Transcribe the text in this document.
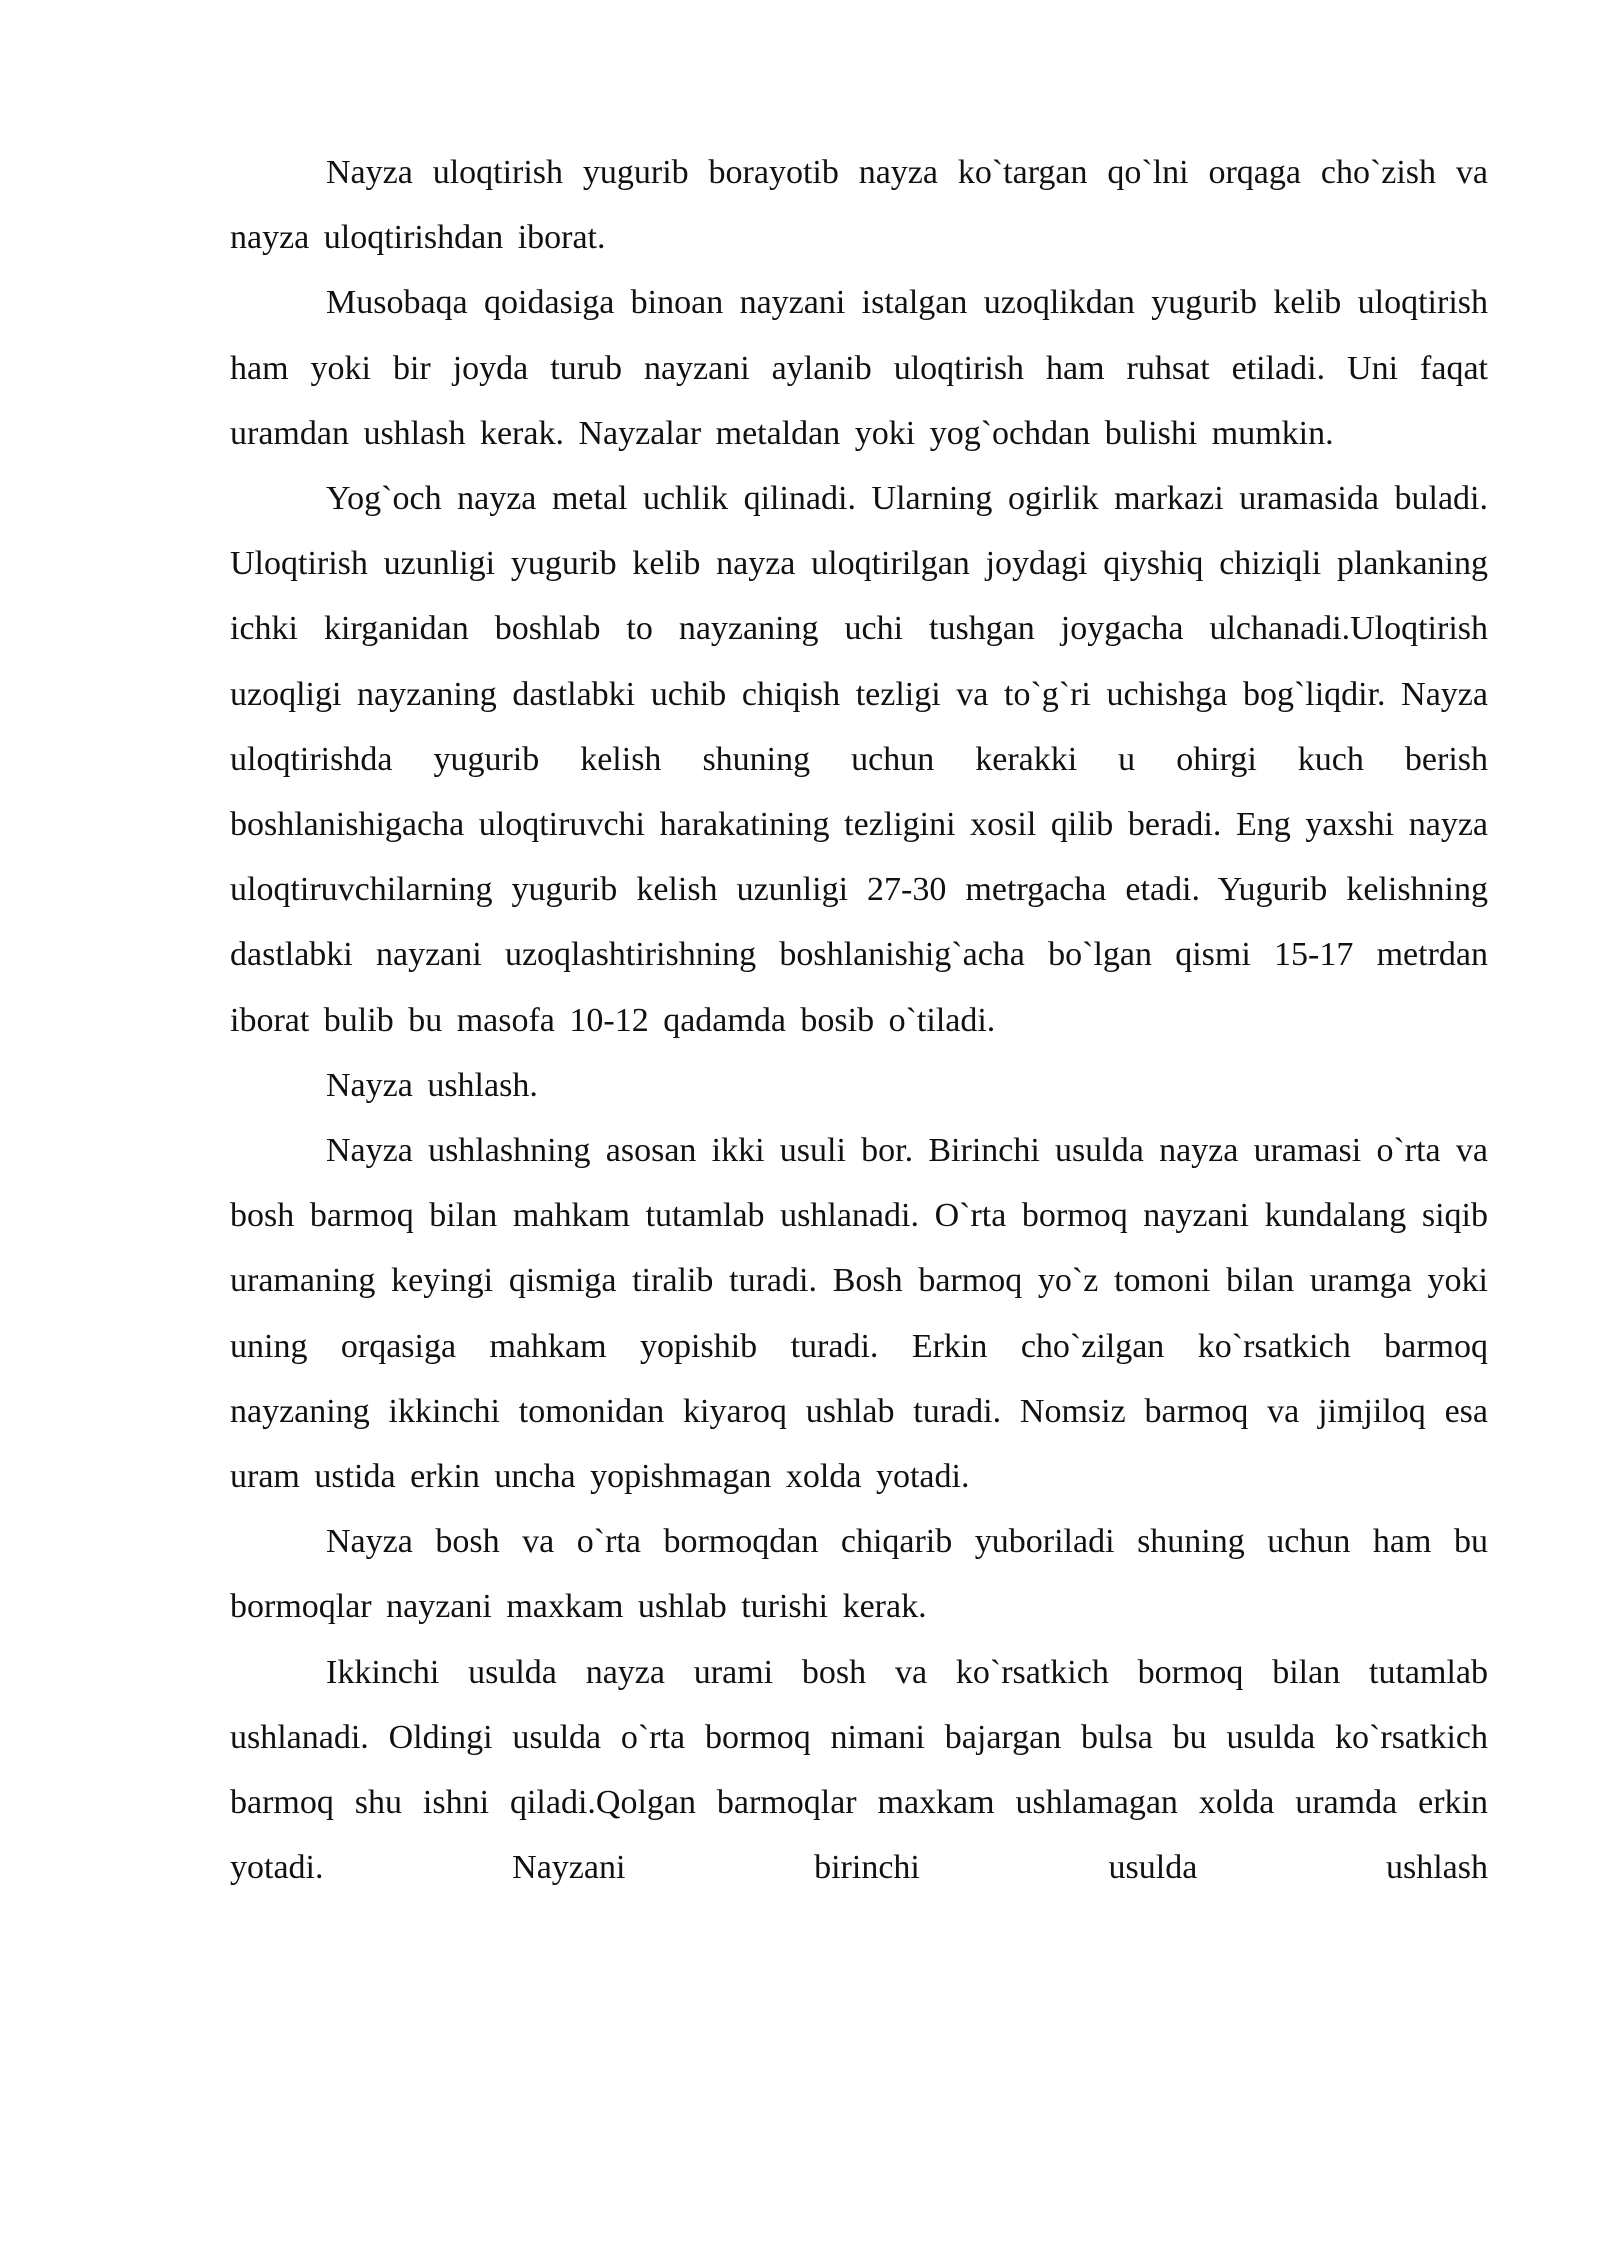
Nayza uloqtirish yugurib borayotib nayza ko`targan qo`lni orqaga cho`zish va nayza uloqtirishdan iborat.

Musobaqa qoidasiga binoan nayzani istalgan uzoqlikdan yugurib kelib uloqtirish ham yoki bir joyda turub nayzani aylanib uloqtirish ham ruhsat etiladi. Uni faqat uramdan ushlash kerak. Nayzalar metaldan yoki yog`ochdan bulishi mumkin.

Yog`och nayza metal uchlik qilinadi. Ularning ogirlik markazi uramasida buladi. Uloqtirish uzunligi yugurib kelib nayza uloqtirilgan joydagi qiyshiq chiziqli plankaning ichki kirganidan boshlab to nayzaning uchi tushgan joygacha ulchanadi.Uloqtirish uzoqligi nayzaning dastlabki uchib chiqish tezligi va to`g`ri uchishga bog`liqdir. Nayza uloqtirishda yugurib kelish shuning uchun kerakki u ohirgi kuch berish boshlanishigacha uloqtiruvchi harakatining tezligini xosil qilib beradi. Eng yaxshi nayza uloqtiruvchilarning yugurib kelish uzunligi 27-30 metrgacha etadi. Yugurib kelishning dastlabki nayzani uzoqlashtirishning boshlanishig`acha bo`lgan qismi 15-17 metrdan iborat bulib bu masofa 10-12 qadamda bosib o`tiladi.

Nayza ushlash.

Nayza ushlashning asosan ikki usuli bor. Birinchi usulda nayza uramasi o`rta va bosh barmoq bilan mahkam tutamlab ushlanadi. O`rta bormoq nayzani kundalang siqib uramaning keyingi qismiga tiralib turadi. Bosh barmoq yo`z tomoni bilan uramga yoki uning orqasiga mahkam yopishib turadi. Erkin cho`zilgan ko`rsatkich barmoq nayzaning ikkinchi tomonidan kiyaroq ushlab turadi. Nomsiz barmoq va jimjiloq esa uram ustida erkin uncha yopishmagan xolda yotadi.

Nayza bosh va o`rta bormoqdan chiqarib yuboriladi shuning uchun ham bu bormoqlar nayzani maxkam ushlab turishi kerak.

Ikkinchi usulda nayza urami bosh va ko`rsatkich bormoq bilan tutamlab ushlanadi. Oldingi usulda o`rta bormoq nimani bajargan bulsa bu usulda ko`rsatkich barmoq shu ishni qiladi.Qolgan barmoqlar maxkam ushlamagan xolda uramda erkin yotadi. Nayzani birinchi usulda ushlash
